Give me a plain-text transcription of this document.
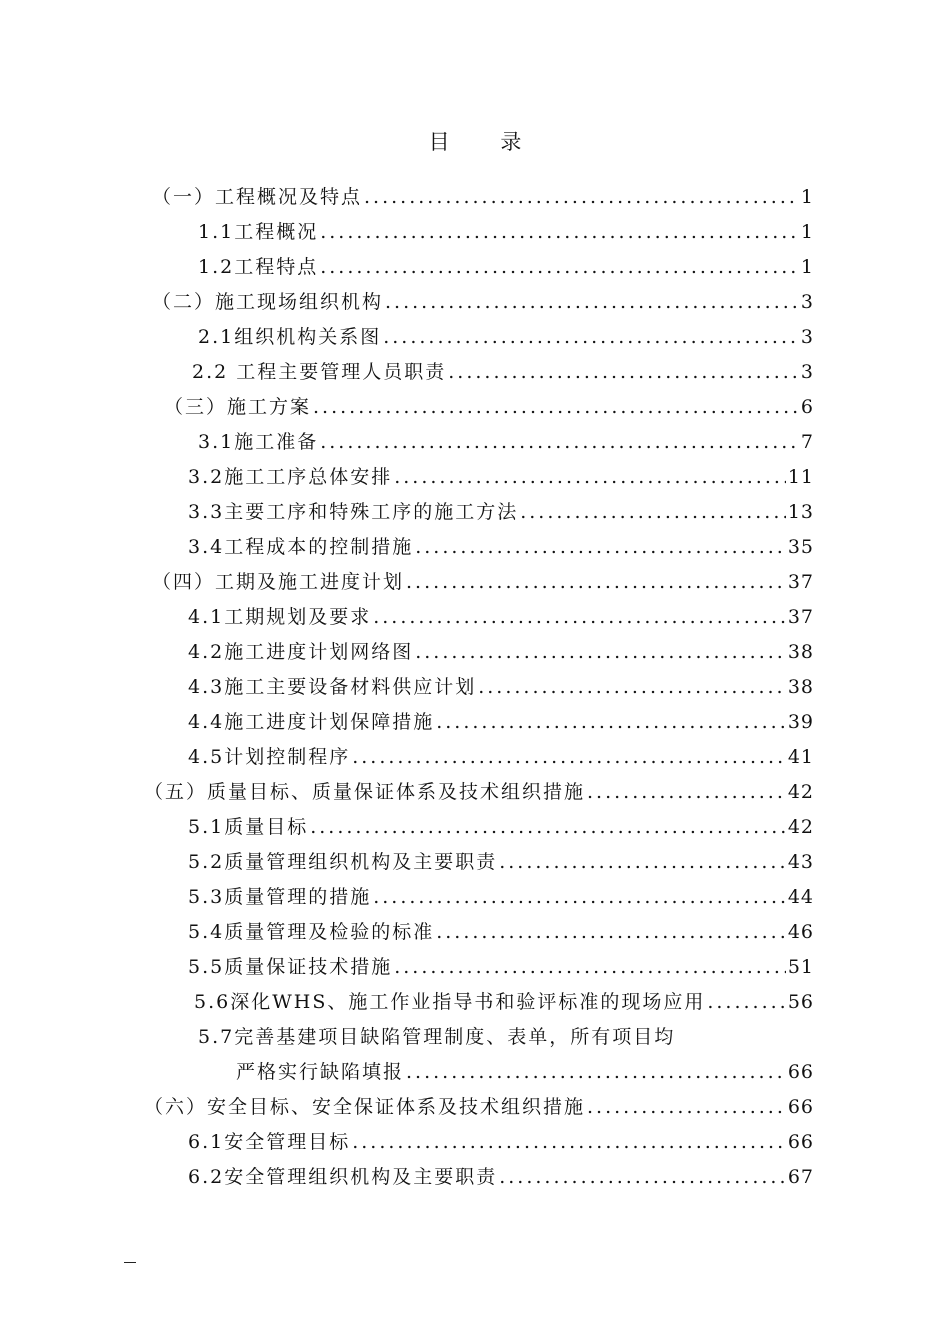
目 录
（一）工程概况及特点 .....	1
1.1工程概况 .....	1
1.2工程特点 .....	1
（二）施工现场组织机构 .....	3
2.1组织机构关系图 .....	3
2.2 工程主要管理人员职责 .....	3
（三）施工方案 .....	6
3.1施工准备 .....	7
3.2施工工序总体安排 .....	11
3.3主要工序和特殊工序的施工方法 .....	13
3.4工程成本的控制措施 .....	35
（四）工期及施工进度计划 .....	37
4.1工期规划及要求 .....	37
4.2施工进度计划网络图 .....	38
4.3施工主要设备材料供应计划 .....	38
4.4施工进度计划保障措施 .....	39
4.5计划控制程序 .....	41
（五）质量目标、质量保证体系及技术组织措施 .....	42
5.1质量目标 .....	42
5.2质量管理组织机构及主要职责 .....	43
5.3质量管理的措施 .....	44
5.4质量管理及检验的标准 .....	46
5.5质量保证技术措施 .....	51
5.6深化WHS、施工作业指导书和验评标准的现场应用 .....	56
5.7完善基建项目缺陷管理制度、表单，所有项目均
严格实行缺陷填报 .....	66
（六）安全目标、安全保证体系及技术组织措施 .....	66
6.1安全管理目标 .....	66
6.2安全管理组织机构及主要职责 .....	67
